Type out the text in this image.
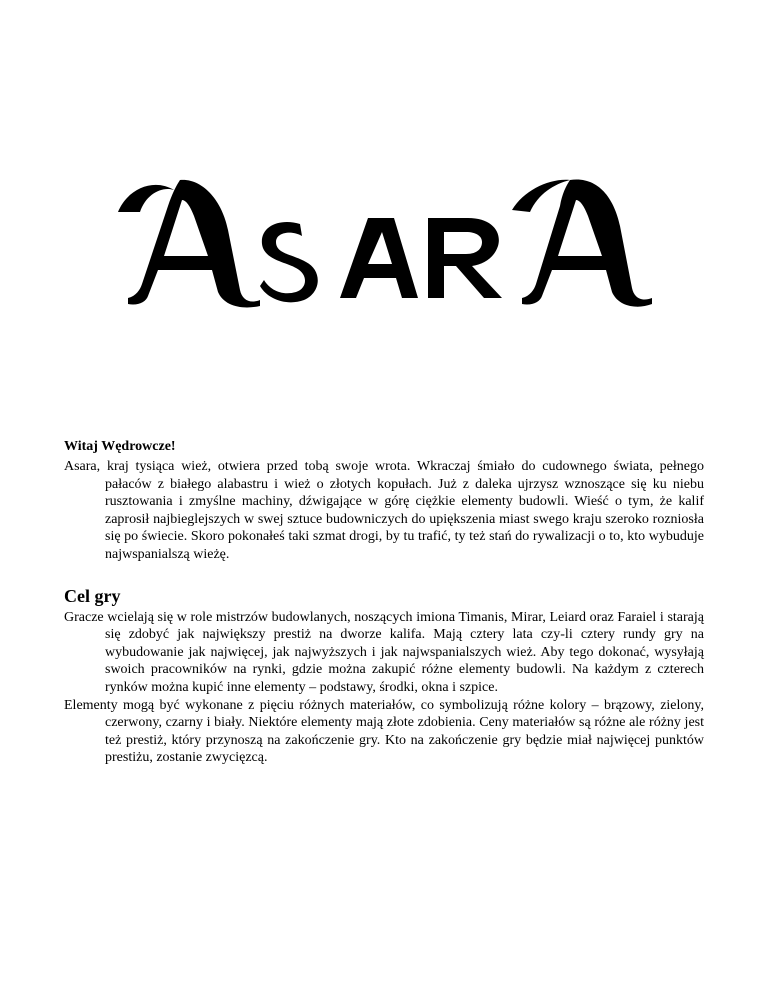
Witaj Wędrowcze!

Asara, kraj tysiąca wież, otwiera przed tobą swoje wrota. Wkraczaj śmiało do cudownego świata, pełnego pałaców z białego alabastru i wież o złotych kopułach. Już z daleka ujrzysz wznoszące się ku niebu rusztowania i zmyślne machiny, dźwigające w górę ciężkie elementy budowli. Wieść o tym, że kalif zaprosił najbieglejszych w swej sztuce budowniczych do upiększenia miast swego kraju szeroko rozniosła się po świecie. Skoro pokonałeś taki szmat drogi, by tu trafić, ty też stań do rywalizacji o to, kto wybuduje najwspanialszą wieżę.

Cel gry

Gracze wcielają się w role mistrzów budowlanych, noszących imiona Timanis, Mirar, Leiard oraz Faraiel i starają się zdobyć jak największy prestiż na dworze kalifa. Mają cztery lata czy-li cztery rundy gry na wybudowanie jak najwięcej, jak najwyższych i jak najwspanialszych wież. Aby tego dokonać, wysyłają swoich pracowników na rynki, gdzie można zakupić różne elementy budowli. Na każdym z czterech rynków można kupić inne elementy – podstawy, środki, okna i szpice.

Elementy mogą być wykonane z pięciu różnych materiałów, co symbolizują różne kolory – brązowy, zielony, czerwony, czarny i biały. Niektóre elementy mają złote zdobienia. Ceny materiałów są różne ale różny jest też prestiż, który przynoszą na zakończenie gry. Kto na zakończenie gry będzie miał najwięcej punktów prestiżu, zostanie zwycięzcą.
